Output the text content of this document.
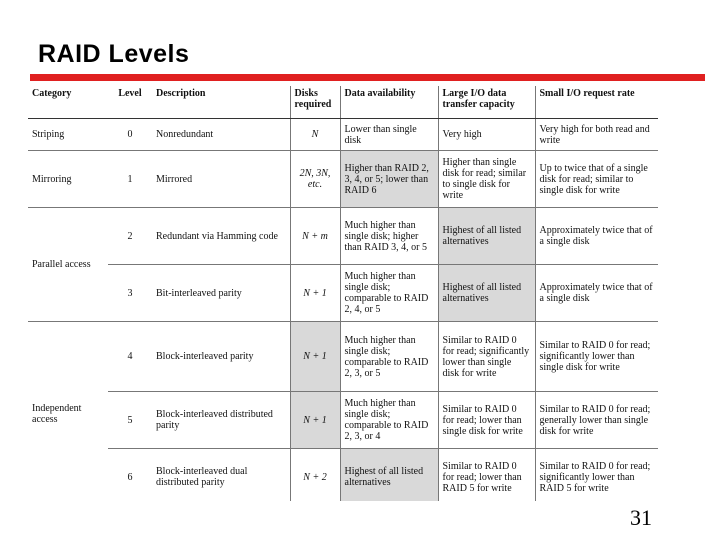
RAID Levels
Category	Level	Description	Disks required	Data availability	Large I/O data transfer capacity	Small I/O request rate
Striping	0	Nonredundant	N	Lower than single disk	Very high	Very high for both read and write
Mirroring	1	Mirrored	2N, 3N, etc.	Higher than RAID 2, 3, 4, or 5; lower than RAID 6	Higher than single disk for read; similar to single disk for write	Up to twice that of a single disk for read; similar to single disk for write
Parallel access	2	Redundant via Hamming code	N + m	Much higher than single disk; higher than RAID 3, 4, or 5	Highest of all listed alternatives	Approximately twice that of a single disk
	3	Bit-interleaved parity	N + 1	Much higher than single disk; comparable to RAID 2, 4, or 5	Highest of all listed alternatives	Approximately twice that of a single disk
Independent access	4	Block-interleaved parity	N + 1	Much higher than single disk; comparable to RAID 2, 3, or 5	Similar to RAID 0 for read; significantly lower than single disk for write	Similar to RAID 0 for read; significantly lower than single disk for write
	5	Block-interleaved distributed parity	N + 1	Much higher than single disk; comparable to RAID 2, 3, or 4	Similar to RAID 0 for read; lower than single disk for write	Similar to RAID 0 for read; generally lower than single disk for write
	6	Block-interleaved dual distributed parity	N + 2	Highest of all listed alternatives	Similar to RAID 0 for read; lower than RAID 5 for write	Similar to RAID 0 for read; significantly lower than RAID 5 for write
31
